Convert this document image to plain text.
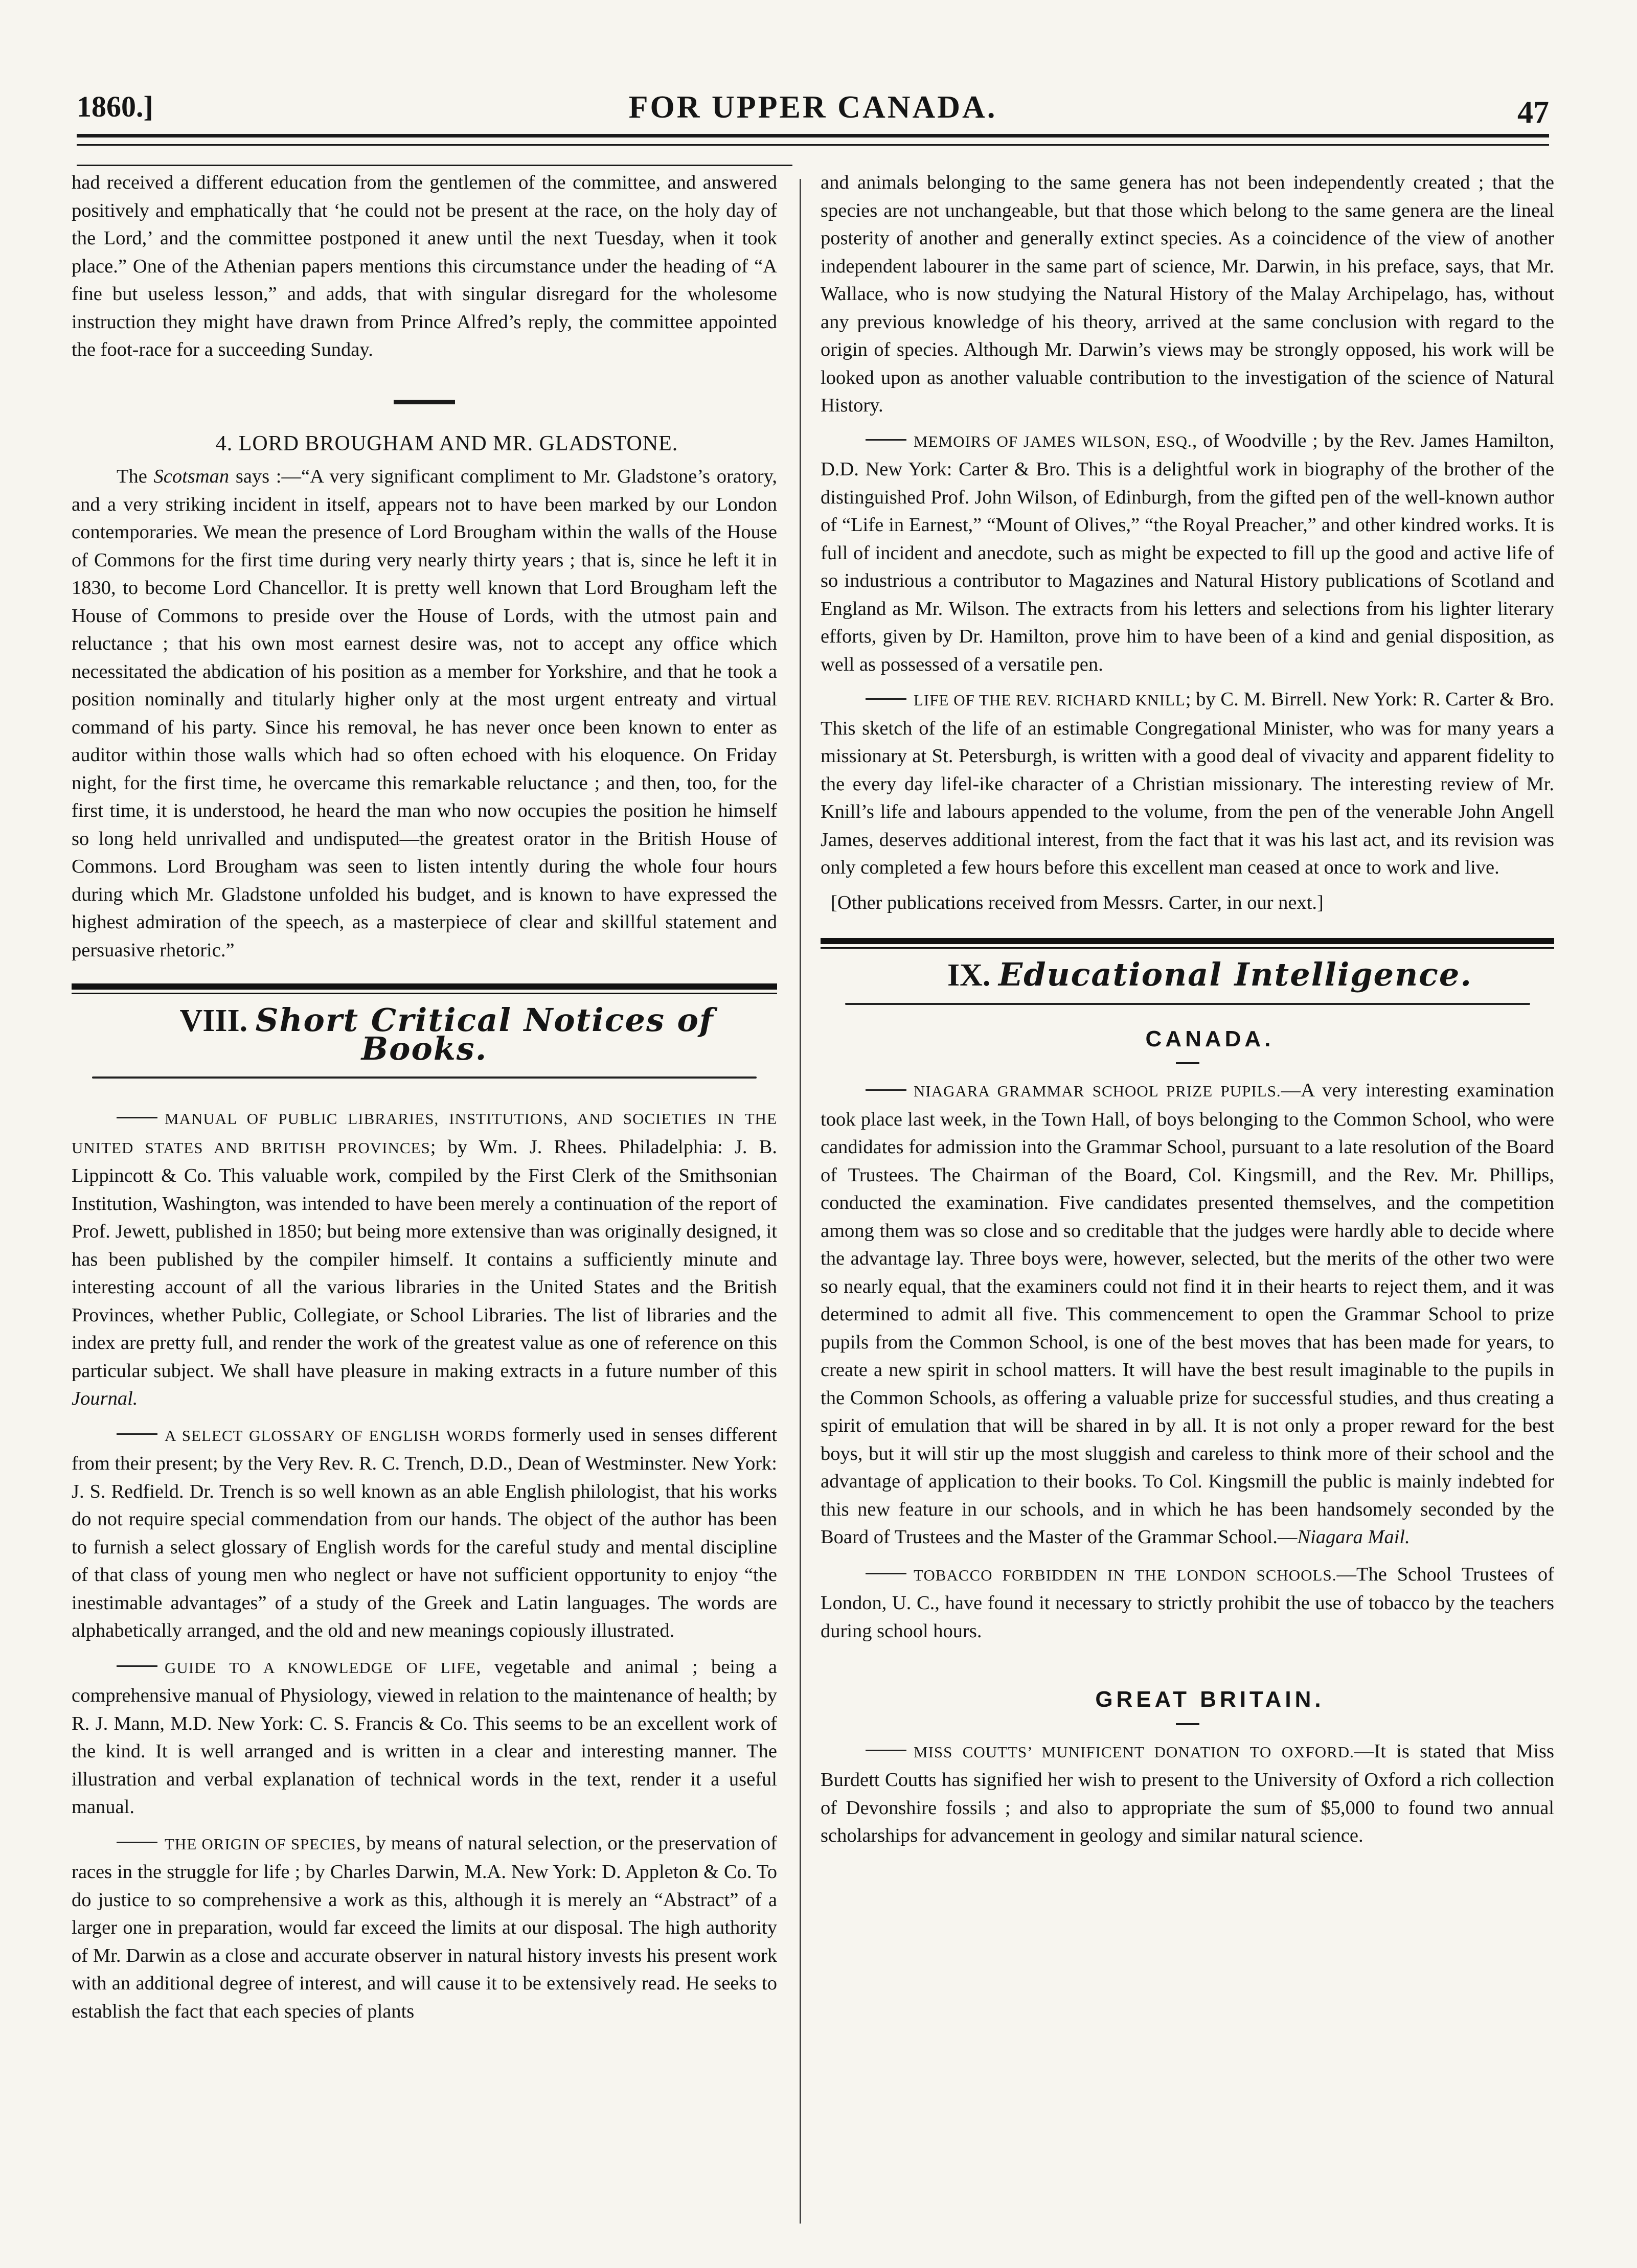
1860.]	FOR UPPER CANADA.	47

had received a different education from the gentlemen of the committee, and answered positively and emphatically that ‘he could not be present at the race, on the holy day of the Lord,’ and the committee postponed it anew until the next Tuesday, when it took place.” One of the Athenian papers mentions this circumstance under the heading of “A fine but useless lesson,” and adds, that with singular disregard for the wholesome instruction they might have drawn from Prince Alfred’s reply, the committee appointed the foot-race for a succeeding Sunday.

4. LORD BROUGHAM AND MR. GLADSTONE.

The Scotsman says :—“A very significant compliment to Mr. Gladstone’s oratory, and a very striking incident in itself, appears not to have been marked by our London contemporaries. We mean the presence of Lord Brougham within the walls of the House of Commons for the first time during very nearly thirty years ; that is, since he left it in 1830, to become Lord Chancellor. It is pretty well known that Lord Brougham left the House of Commons to preside over the House of Lords, with the utmost pain and reluctance ; that his own most earnest desire was, not to accept any office which necessitated the abdication of his position as a member for Yorkshire, and that he took a position nominally and titularly higher only at the most urgent entreaty and virtual command of his party. Since his removal, he has never once been known to enter as auditor within those walls which had so often echoed with his eloquence. On Friday night, for the first time, he overcame this remarkable reluctance ; and then, too, for the first time, it is understood, he heard the man who now occupies the position he himself so long held unrivalled and undisputed—the greatest orator in the British House of Commons. Lord Brougham was seen to listen intently during the whole four hours during which Mr. Gladstone unfolded his budget, and is known to have expressed the highest admiration of the speech, as a masterpiece of clear and skillful statement and persuasive rhetoric.”

VIII. Short Critical Notices of Books.

MANUAL OF PUBLIC LIBRARIES, INSTITUTIONS, AND SOCIETIES IN THE UNITED STATES AND BRITISH PROVINCES; by Wm. J. Rhees. Philadelphia: J. B. Lippincott & Co. This valuable work, compiled by the First Clerk of the Smithsonian Institution, Washington, was intended to have been merely a continuation of the report of Prof. Jewett, published in 1850; but being more extensive than was originally designed, it has been published by the compiler himself. It contains a sufficiently minute and interesting account of all the various libraries in the United States and the British Provinces, whether Public, Collegiate, or School Libraries. The list of libraries and the index are pretty full, and render the work of the greatest value as one of reference on this particular subject. We shall have pleasure in making extracts in a future number of this Journal.

A SELECT GLOSSARY OF ENGLISH WORDS formerly used in senses different from their present; by the Very Rev. R. C. Trench, D.D., Dean of Westminster. New York: J. S. Redfield. Dr. Trench is so well known as an able English philologist, that his works do not require special commendation from our hands. The object of the author has been to furnish a select glossary of English words for the careful study and mental discipline of that class of young men who neglect or have not sufficient opportunity to enjoy “the inestimable advantages” of a study of the Greek and Latin languages. The words are alphabetically arranged, and the old and new meanings copiously illustrated.

GUIDE TO A KNOWLEDGE OF LIFE, vegetable and animal ; being a comprehensive manual of Physiology, viewed in relation to the maintenance of health; by R. J. Mann, M.D. New York: C. S. Francis & Co. This seems to be an excellent work of the kind. It is well arranged and is written in a clear and interesting manner. The illustration and verbal explanation of technical words in the text, render it a useful manual.

THE ORIGIN OF SPECIES, by means of natural selection, or the preservation of races in the struggle for life ; by Charles Darwin, M.A. New York: D. Appleton & Co. To do justice to so comprehensive a work as this, although it is merely an “Abstract” of a larger one in preparation, would far exceed the limits at our disposal. The high authority of Mr. Darwin as a close and accurate observer in natural history invests his present work with an additional degree of interest, and will cause it to be extensively read. He seeks to establish the fact that each species of plants

and animals belonging to the same genera has not been independently created ; that the species are not unchangeable, but that those which belong to the same genera are the lineal posterity of another and generally extinct species. As a coincidence of the view of another independent labourer in the same part of science, Mr. Darwin, in his preface, says, that Mr. Wallace, who is now studying the Natural History of the Malay Archipelago, has, without any previous knowledge of his theory, arrived at the same conclusion with regard to the origin of species. Although Mr. Darwin’s views may be strongly opposed, his work will be looked upon as another valuable contribution to the investigation of the science of Natural History.

MEMOIRS OF JAMES WILSON, ESQ., of Woodville ; by the Rev. James Hamilton, D.D. New York: Carter & Bro. This is a delightful work in biography of the brother of the distinguished Prof. John Wilson, of Edinburgh, from the gifted pen of the well-known author of “Life in Earnest,” “Mount of Olives,” “the Royal Preacher,” and other kindred works. It is full of incident and anecdote, such as might be expected to fill up the good and active life of so industrious a contributor to Magazines and Natural History publications of Scotland and England as Mr. Wilson. The extracts from his letters and selections from his lighter literary efforts, given by Dr. Hamilton, prove him to have been of a kind and genial disposition, as well as possessed of a versatile pen.

LIFE OF THE REV. RICHARD KNILL; by C. M. Birrell. New York: R. Carter & Bro. This sketch of the life of an estimable Congregational Minister, who was for many years a missionary at St. Petersburgh, is written with a good deal of vivacity and apparent fidelity to the every day lifel-ike character of a Christian missionary. The interesting review of Mr. Knill’s life and labours appended to the volume, from the pen of the venerable John Angell James, deserves additional interest, from the fact that it was his last act, and its revision was only completed a few hours before this excellent man ceased at once to work and live.

[Other publications received from Messrs. Carter, in our next.]

IX. Educational Intelligence.

CANADA.

NIAGARA GRAMMAR SCHOOL PRIZE PUPILS.—A very interesting examination took place last week, in the Town Hall, of boys belonging to the Common School, who were candidates for admission into the Grammar School, pursuant to a late resolution of the Board of Trustees. The Chairman of the Board, Col. Kingsmill, and the Rev. Mr. Phillips, conducted the examination. Five candidates presented themselves, and the competition among them was so close and so creditable that the judges were hardly able to decide where the advantage lay. Three boys were, however, selected, but the merits of the other two were so nearly equal, that the examiners could not find it in their hearts to reject them, and it was determined to admit all five. This commencement to open the Grammar School to prize pupils from the Common School, is one of the best moves that has been made for years, to create a new spirit in school matters. It will have the best result imaginable to the pupils in the Common Schools, as offering a valuable prize for successful studies, and thus creating a spirit of emulation that will be shared in by all. It is not only a proper reward for the best boys, but it will stir up the most sluggish and careless to think more of their school and the advantage of application to their books. To Col. Kingsmill the public is mainly indebted for this new feature in our schools, and in which he has been handsomely seconded by the Board of Trustees and the Master of the Grammar School.—Niagara Mail.

TOBACCO FORBIDDEN IN THE LONDON SCHOOLS.—The School Trustees of London, U. C., have found it necessary to strictly prohibit the use of tobacco by the teachers during school hours.

GREAT BRITAIN.

MISS COUTTS’ MUNIFICENT DONATION TO OXFORD.—It is stated that Miss Burdett Coutts has signified her wish to present to the University of Oxford a rich collection of Devonshire fossils ; and also to appropriate the sum of $5,000 to found two annual scholarships for advancement in geology and similar natural science.
